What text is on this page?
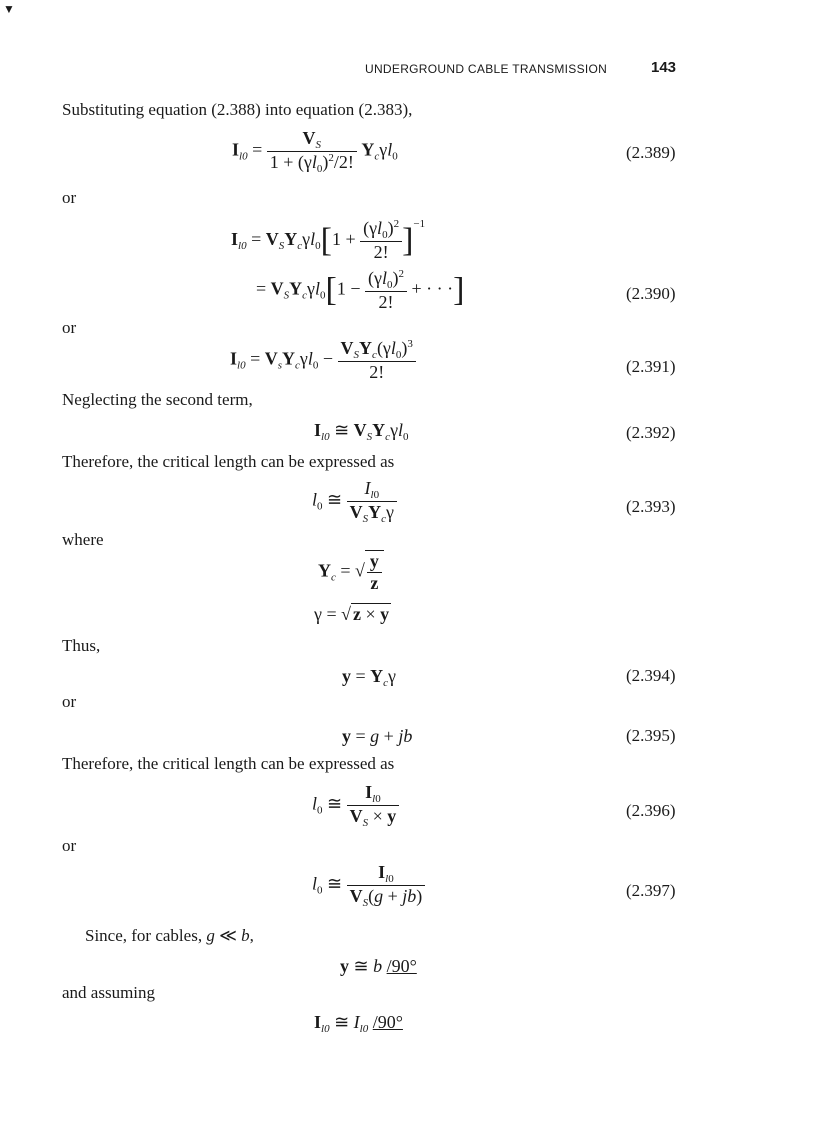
▼
UNDERGROUND CABLE TRANSMISSION	143
Substituting equation (2.388) into equation (2.383),
$I_{l0} = \frac{V_S}{1 + (\gamma l_0)^2/2!} Y_c\gamma l_0$	(2.389)
or
$I_{l0} = V_SY_c\gamma l_0[1 + \frac{(\gamma l_0)^2}{2!} ]^{-1}$
= $V_SY_c\gamma l_0[1 - \frac{(\gamma l_0)^2}{2!}$ + · · ·]	(2.390)
or
$I_{l0} = V_sY_c\gamma l_0 - \frac{V_SY_c(\gamma l_0)^3}{2!}$	(2.391)
Neglecting the second term,
$I_{l0}$ ≅ $V_SY_c\gamma l_0$	(2.392)
Therefore, the critical length can be expressed as
$l_0$ ≅ $\frac{I_{l0}}{V_SY_c\gamma}$	(2.393)
where
$Y_c$ = √ $\frac{y}{z}$
γ = √ z × y
Thus,
$y = Y_c\gamma$	(2.394)
or
y = g + jb	(2.395)
Therefore, the critical length can be expressed as
$l_0$ ≅ $\frac{I_{l0}}{V_S \times y}$	(2.396)
or
$l_0$ ≅ $\frac{I_{l0}}{V_S(g + jb)}$	(2.397)
Since, for cables, g ≪ b,
y ≅ b /90°
and assuming
$I_{l0}$ ≅ $I_{l0}$ /90°
